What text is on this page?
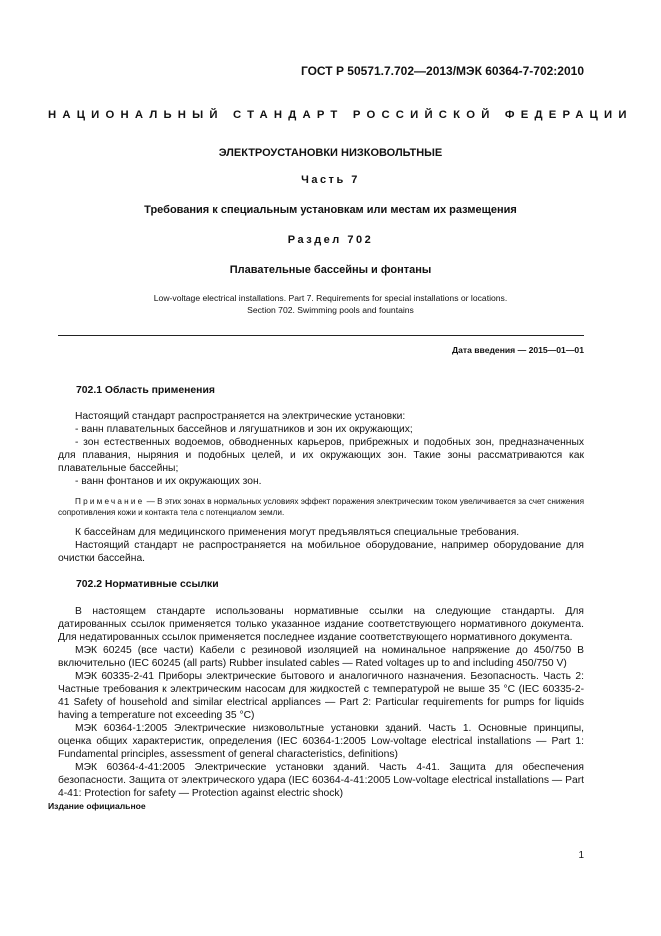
ГОСТ Р 50571.7.702—2013/МЭК 60364-7-702:2010
НАЦИОНАЛЬНЫЙ СТАНДАРТ РОССИЙСКОЙ ФЕДЕРАЦИИ
ЭЛЕКТРОУСТАНОВКИ НИЗКОВОЛЬТНЫЕ
Часть 7
Требования к специальным установкам или местам их размещения
Раздел 702
Плавательные бассейны и фонтаны
Low-voltage electrical installations. Part 7. Requirements for special installations or locations.
Section 702. Swimming pools and fountains
Дата введения — 2015—01—01
702.1 Область применения

Настоящий стандарт распространяется на электрические установки:

- ванн плавательных бассейнов и лягушатников и зон их окружающих;

- зон естественных водоемов, обводненных карьеров, прибрежных и подобных зон, предназначенных для плавания, ныряния и подобных целей, и их окружающих зон. Такие зоны рассматриваются как плавательные бассейны;

- ванн фонтанов и их окружающих зон.

Примечание — В этих зонах в нормальных условиях эффект поражения электрическим током увеличивается за счет снижения сопротивления кожи и контакта тела с потенциалом земли.

К бассейнам для медицинского применения могут предъявляться специальные требования.

Настоящий стандарт не распространяется на мобильное оборудование, например оборудование для очистки бассейна.

702.2 Нормативные ссылки

В настоящем стандарте использованы нормативные ссылки на следующие стандарты. Для датированных ссылок применяется только указанное издание соответствующего нормативного документа. Для недатированных ссылок применяется последнее издание соответствующего нормативного документа.

МЭК 60245 (все части) Кабели с резиновой изоляцией на номинальное напряжение до 450/750 В включительно (IEC 60245 (all parts) Rubber insulated cables — Rated voltages up to and including 450/750 V)

МЭК 60335-2-41 Приборы электрические бытового и аналогичного назначения. Безопасность. Часть 2: Частные требования к электрическим насосам для жидкостей с температурой не выше 35 °С (IEC 60335-2-41 Safety of household and similar electrical appliances — Part 2: Particular requirements for pumps for liquids having a temperature not exceeding 35 °С)

МЭК 60364-1:2005 Электрические низковольтные установки зданий. Часть 1. Основные принципы, оценка общих характеристик, определения (IEC 60364-1:2005 Low-voltage electrical installations — Part 1: Fundamental principles, assessment of general characteristics, definitions)

МЭК 60364-4-41:2005 Электрические установки зданий. Часть 4-41. Защита для обеспечения безопасности. Защита от электрического удара (IEC 60364-4-41:2005 Low-voltage electrical installations — Part 4-41: Protection for safety — Protection against electric shock)

Издание официальное
1
